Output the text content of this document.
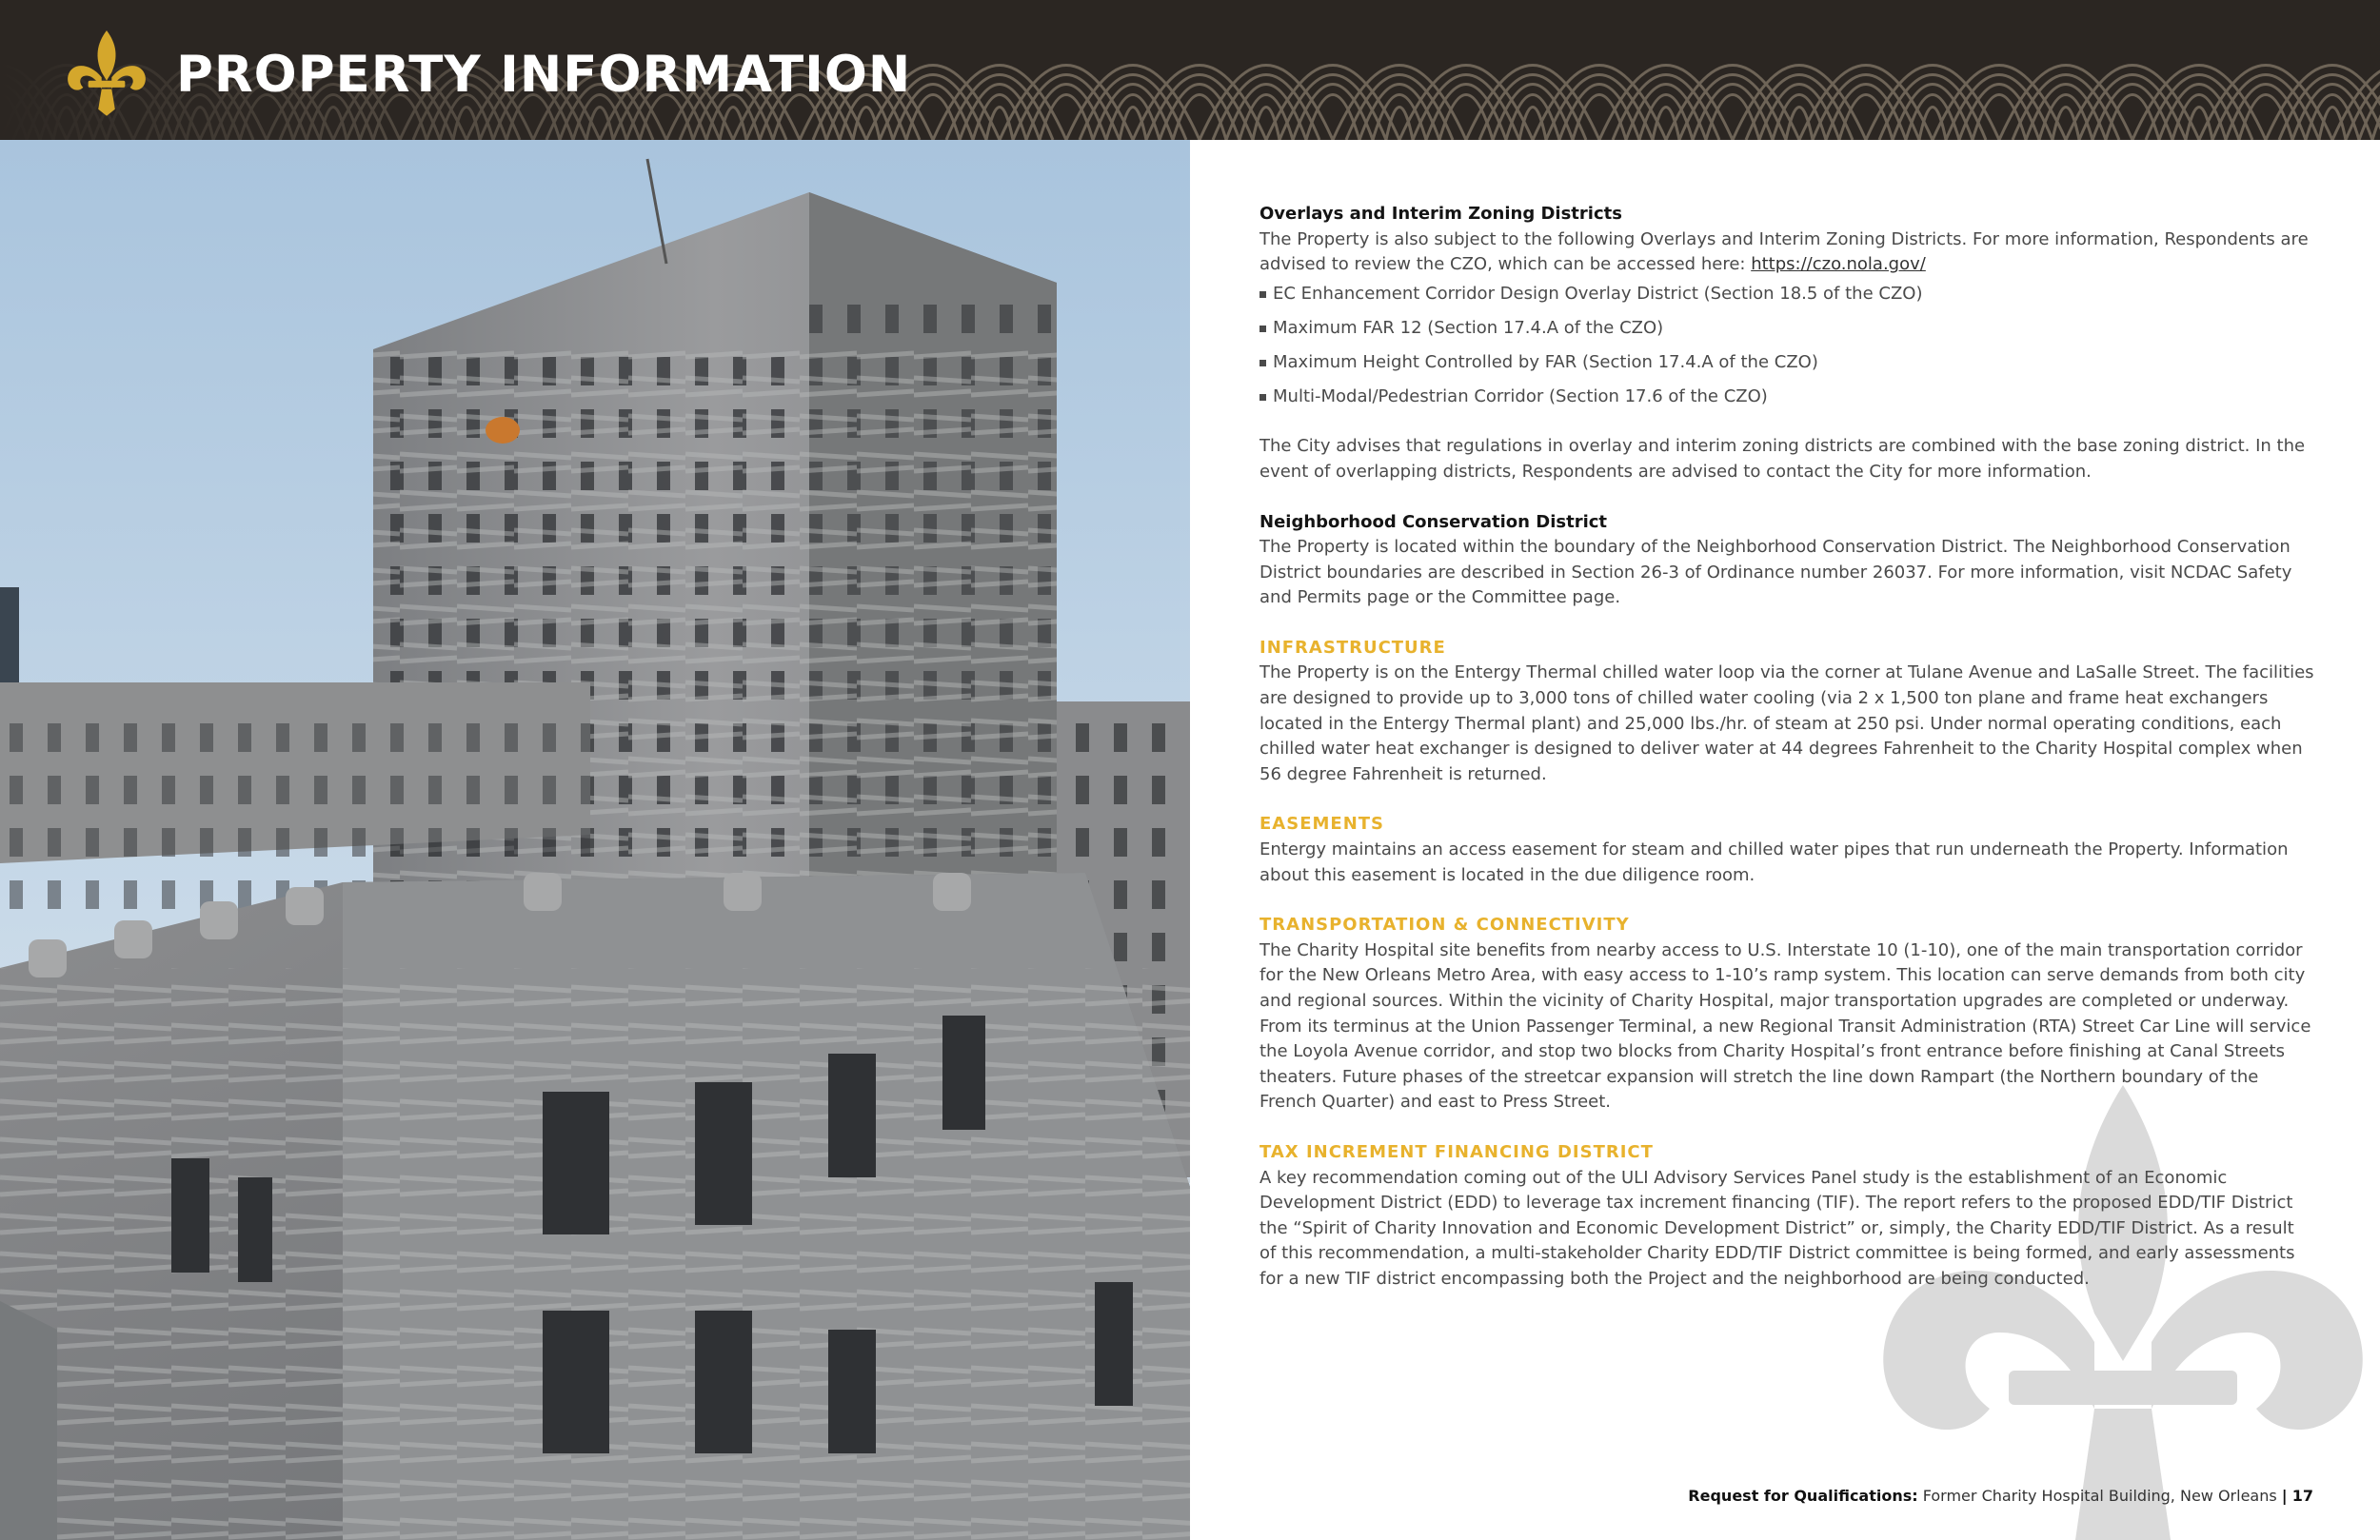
PROPERTY INFORMATION
Overlays and Interim Zoning Districts

The Property is also subject to the following Overlays and Interim Zoning Districts. For more information, Respondents are advised to review the CZO, which can be accessed here: https://czo.nola.gov/

EC Enhancement Corridor Design Overlay District (Section 18.5 of the CZO)
Maximum FAR 12 (Section 17.4.A of the CZO)
Maximum Height Controlled by FAR (Section 17.4.A of the CZO)
Multi-Modal/Pedestrian Corridor (Section 17.6 of the CZO)

The City advises that regulations in overlay and interim zoning districts are combined with the base zoning district. In the event of overlapping districts, Respondents are advised to contact the City for more information.

Neighborhood Conservation District

The Property is located within the boundary of the Neighborhood Conservation District. The Neighborhood Conservation District boundaries are described in Section 26-3 of Ordinance number 26037. For more information, visit NCDAC Safety and Permits page or the Committee page.

INFRASTRUCTURE

The Property is on the Entergy Thermal chilled water loop via the corner at Tulane Avenue and LaSalle Street. The facilities are designed to provide up to 3,000 tons of chilled water cooling (via 2 x 1,500 ton plane and frame heat exchangers located in the Entergy Thermal plant) and 25,000 lbs./hr. of steam at 250 psi. Under normal operating conditions, each chilled water heat exchanger is designed to deliver water at 44 degrees Fahrenheit to the Charity Hospital complex when 56 degree Fahrenheit is returned.

EASEMENTS

Entergy maintains an access easement for steam and chilled water pipes that run underneath the Property. Information about this easement is located in the due diligence room.

TRANSPORTATION & CONNECTIVITY

The Charity Hospital site benefits from nearby access to U.S. Interstate 10 (1-10), one of the main transportation corridor for the New Orleans Metro Area, with easy access to 1-10’s ramp system. This location can serve demands from both city and regional sources. Within the vicinity of Charity Hospital, major transportation upgrades are completed or underway. From its terminus at the Union Passenger Terminal, a new Regional Transit Administration (RTA) Street Car Line will service the Loyola Avenue corridor, and stop two blocks from Charity Hospital’s front entrance before finishing at Canal Streets theaters. Future phases of the streetcar expansion will stretch the line down Rampart (the Northern boundary of the French Quarter) and east to Press Street.

TAX INCREMENT FINANCING DISTRICT

A key recommendation coming out of the ULI Advisory Services Panel study is the establishment of an Economic Development District (EDD) to leverage tax increment financing (TIF). The report refers to the proposed EDD/TIF District the “Spirit of Charity Innovation and Economic Development District” or, simply, the Charity EDD/TIF District. As a result of this recommendation, a multi-stakeholder Charity EDD/TIF District committee is being formed, and early assessments for a new TIF district encompassing both the Project and the neighborhood are being conducted.

Request for Qualifications: Former Charity Hospital Building, New Orleans | 17
